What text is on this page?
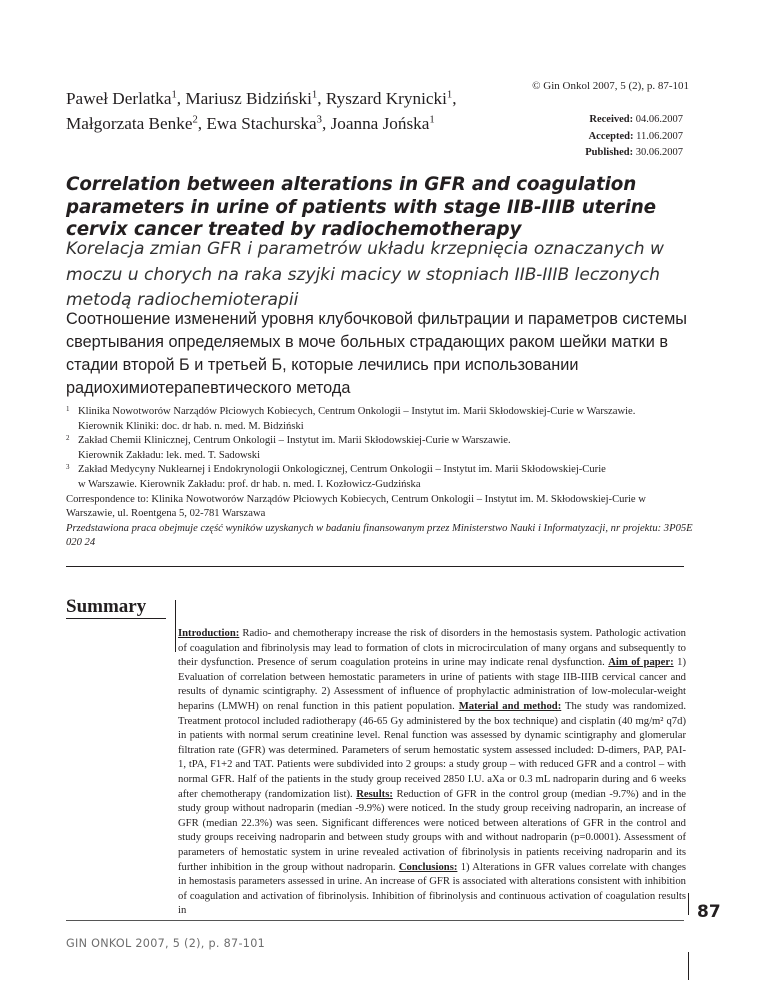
Paweł Derlatka$^1$, Mariusz Bidziński$^1$, Ryszard Krynicki$^1$,
Małgorzata Benke$^2$, Ewa Stachurska$^3$, Joanna Jońska$^1$
© Gin Onkol 2007, 5 (2), p. 87-101
Received: 04.06.2007
Accepted: 11.06.2007
Published: 30.06.2007
Correlation between alterations in GFR and coagulation parameters in urine of patients with stage IIB-IIIB uterine cervix cancer treated by radiochemotherapy
Korelacja zmian GFR i parametrów układu krzepnięcia oznaczanych w moczu u chorych na raka szyjki macicy w stopniach IIB-IIIB leczonych metodą radiochemioterapii
Соотношение изменений уровня клубочковой фильтрации и параметров системы свертывания определяемых в моче больных страдающих раком шейки матки в стадии второй Б и третьей Б, которые лечились при использовании радиохимиотерапевтического метода
1 Klinika Nowotworów Narządów Płciowych Kobiecych, Centrum Onkologii – Instytut im. Marii Skłodowskiej-Curie w Warszawie.
Kierownik Kliniki: doc. dr hab. n. med. M. Bidziński
2 Zakład Chemii Klinicznej, Centrum Onkologii – Instytut im. Marii Skłodowskiej-Curie w Warszawie.
Kierownik Zakładu: lek. med. T. Sadowski
3 Zakład Medycyny Nuklearnej i Endokrynologii Onkologicznej, Centrum Onkologii – Instytut im. Marii Skłodowskiej-Curie
w Warszawie. Kierownik Zakładu: prof. dr hab. n. med. I. Kozłowicz-Gudzińska
Correspondence to: Klinika Nowotworów Narządów Płciowych Kobiecych, Centrum Onkologii – Instytut im. M. Skłodowskiej-Curie w Warszawie, ul. Roentgena 5, 02-781 Warszawa
Przedstawiona praca obejmuje część wyników uzyskanych w badaniu finansowanym przez Ministerstwo Nauki i Informatyzacji, nr projektu: 3P05E 020 24
Summary
Introduction: Radio- and chemotherapy increase the risk of disorders in the hemostasis system. Pathologic activation of coagulation and fibrinolysis may lead to formation of clots in microcirculation of many organs and subsequently to their dysfunction. Presence of serum coagulation proteins in urine may indicate renal dysfunction. Aim of paper: 1) Evaluation of correlation between hemostatic parameters in urine of patients with stage IIB-IIIB cervical cancer and results of dynamic scintigraphy. 2) Assessment of influence of prophylactic administration of low-molecular-weight heparins (LMWH) on renal function in this patient population. Material and method: The study was randomized. Treatment protocol included radiotherapy (46-65 Gy administered by the box technique) and cisplatin (40 mg/m² q7d) in patients with normal serum creatinine level. Renal function was assessed by dynamic scintigraphy and glomerular filtration rate (GFR) was determined. Parameters of serum hemostatic system assessed included: D-dimers, PAP, PAI-1, tPA, F1+2 and TAT. Patients were subdivided into 2 groups: a study group – with reduced GFR and a control – with normal GFR. Half of the patients in the study group received 2850 I.U. aXa or 0.3 mL nadroparin during and 6 weeks after chemotherapy (randomization list). Results: Reduction of GFR in the control group (median -9.7%) and in the study group without nadroparin (median -9.9%) were noticed. In the study group receiving nadroparin, an increase of GFR (median 22.3%) was seen. Significant differences were noticed between alterations of GFR in the control and study groups receiving nadroparin and between study groups with and without nadroparin (p=0.0001). Assessment of parameters of hemostatic system in urine revealed activation of fibrinolysis in patients receiving nadroparin and its further inhibition in the group without nadroparin. Conclusions: 1) Alterations in GFR values correlate with changes in hemostasis parameters assessed in urine. An increase of GFR is associated with alterations consistent with inhibition of coagulation and activation of fibrinolysis. Inhibition of fibrinolysis and continuous activation of coagulation results in	87
GIN ONKOL 2007, 5 (2), p. 87-101
